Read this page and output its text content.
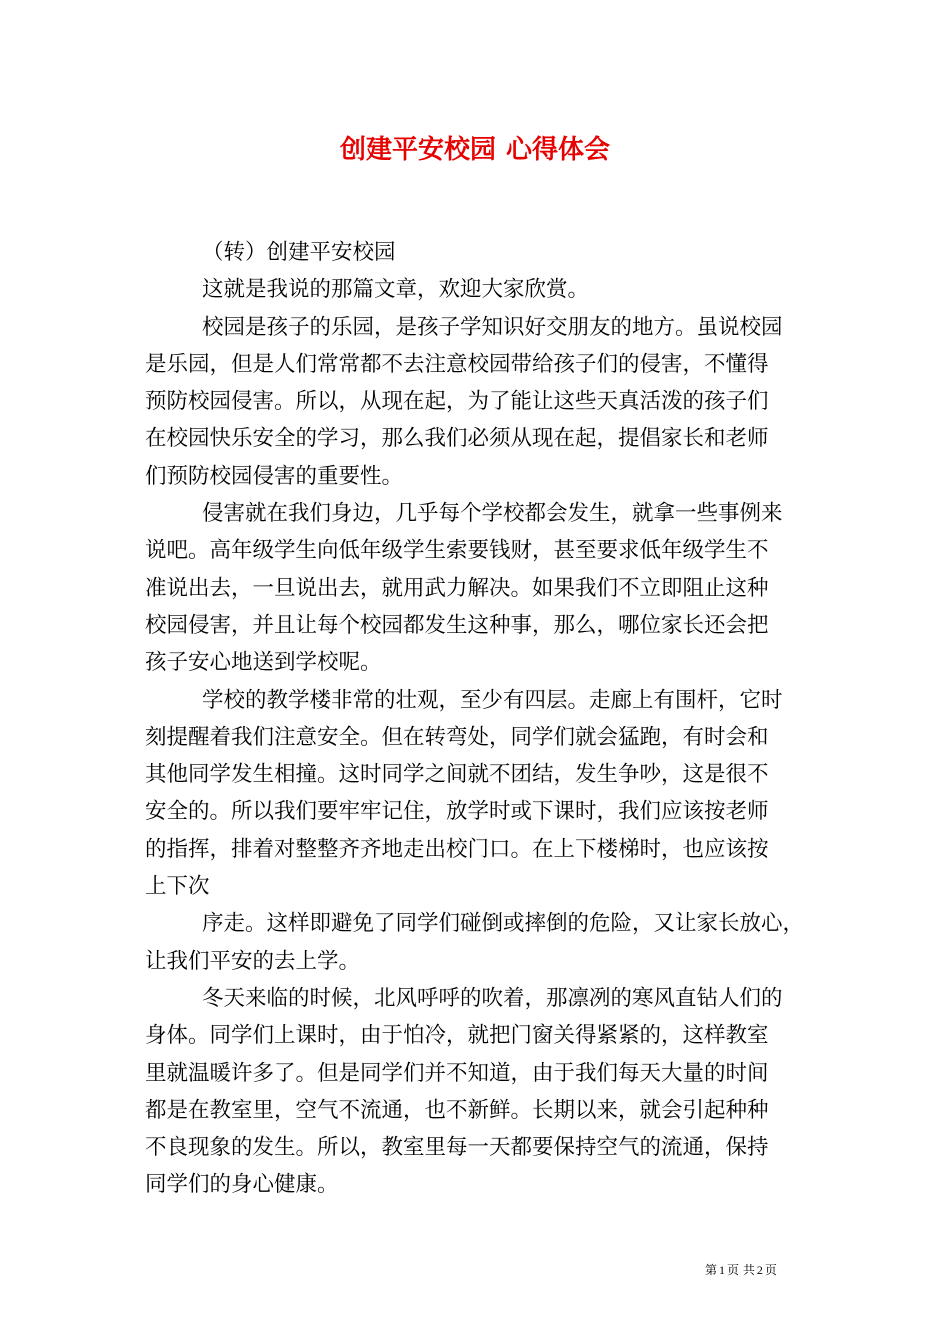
创建平安校园 心得体会
（转）创建平安校园
这就是我说的那篇文章，欢迎大家欣赏。
校园是孩子的乐园，是孩子学知识好交朋友的地方。虽说校园
是乐园，但是人们常常都不去注意校园带给孩子们的侵害，不懂得
预防校园侵害。所以，从现在起，为了能让这些天真活泼的孩子们
在校园快乐安全的学习，那么我们必须从现在起，提倡家长和老师
们预防校园侵害的重要性。
侵害就在我们身边，几乎每个学校都会发生，就拿一些事例来
说吧。高年级学生向低年级学生索要钱财，甚至要求低年级学生不
准说出去，一旦说出去，就用武力解决。如果我们不立即阻止这种
校园侵害，并且让每个校园都发生这种事，那么，哪位家长还会把
孩子安心地送到学校呢。
学校的教学楼非常的壮观，至少有四层。走廊上有围杆，它时
刻提醒着我们注意安全。但在转弯处，同学们就会猛跑，有时会和
其他同学发生相撞。这时同学之间就不团结，发生争吵，这是很不
安全的。所以我们要牢牢记住，放学时或下课时，我们应该按老师
的指挥，排着对整整齐齐地走出校门口。在上下楼梯时，也应该按
上下次
序走。这样即避免了同学们碰倒或摔倒的危险，又让家长放心，
让我们平安的去上学。
冬天来临的时候，北风呼呼的吹着，那凛冽的寒风直钻人们的
身体。同学们上课时，由于怕冷，就把门窗关得紧紧的，这样教室
里就温暖许多了。但是同学们并不知道，由于我们每天大量的时间
都是在教室里，空气不流通，也不新鲜。长期以来，就会引起种种
不良现象的发生。所以，教室里每一天都要保持空气的流通，保持
同学们的身心健康。
第 1 页 共 2 页
